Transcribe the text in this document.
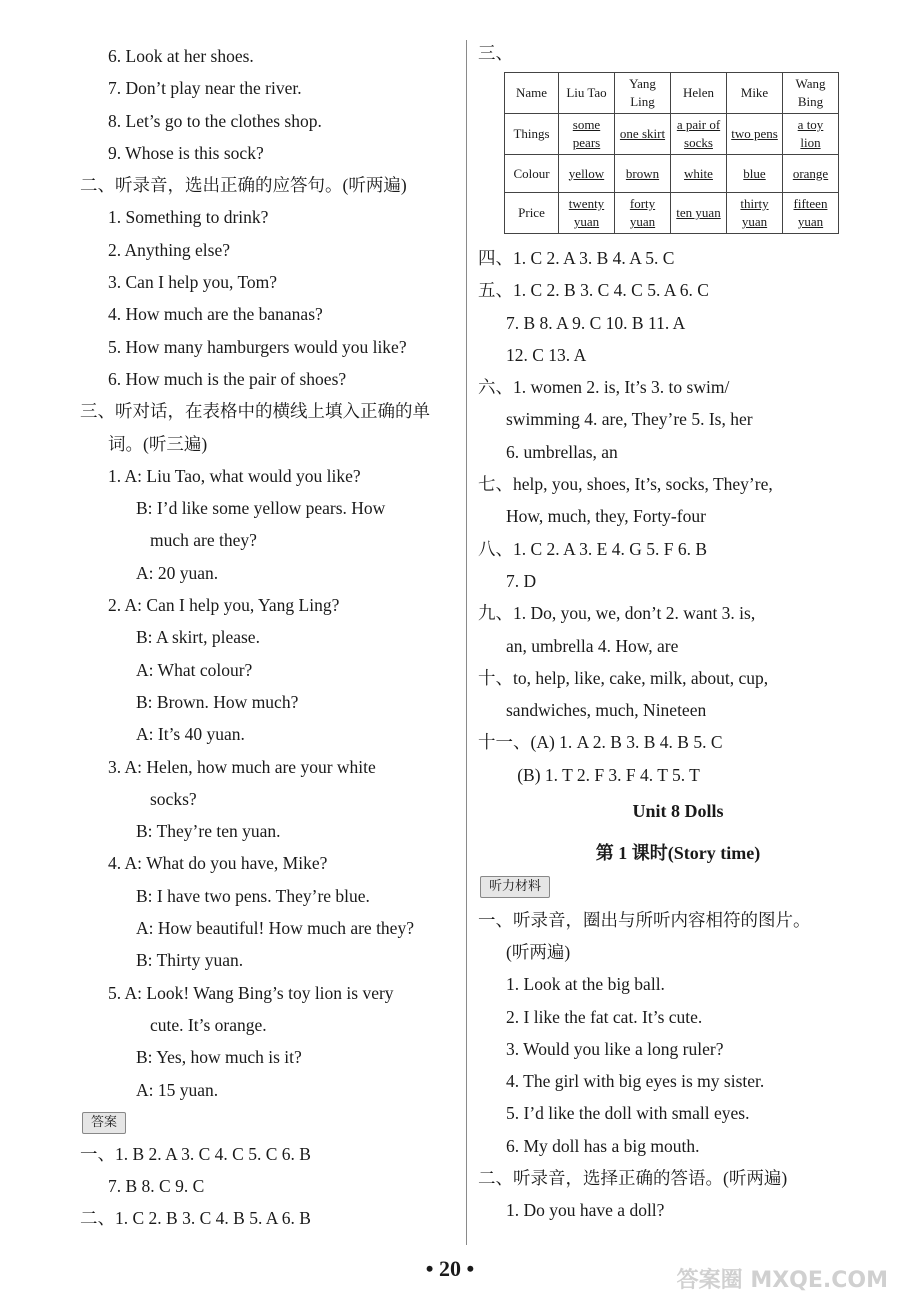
6. Look at her shoes.
7. Don’t play near the river.
8. Let’s go to the clothes shop.
9. Whose is this sock?
二、听录音，选出正确的应答句。(听两遍)
1. Something to drink?
2. Anything else?
3. Can I help you, Tom?
4. How much are the bananas?
5. How many hamburgers would you like?
6. How much is the pair of shoes?
三、听对话，在表格中的横线上填入正确的单
词。(听三遍)
1. A: Liu Tao, what would you like?
B: I’d like some yellow pears. How
much are they?
A: 20 yuan.
2. A: Can I help you, Yang Ling?
B: A skirt, please.
A: What colour?
B: Brown. How much?
A: It’s 40 yuan.
3. A: Helen, how much are your white
socks?
B: They’re ten yuan.
4. A: What do you have, Mike?
B: I have two pens. They’re blue.
A: How beautiful! How much are they?
B: Thirty yuan.
5. A: Look! Wang Bing’s toy lion is very
cute. It’s orange.
B: Yes, how much is it?
A: 15 yuan.
答案
一、1. B 2. A 3. C 4. C 5. C 6. B
7. B 8. C 9. C
二、1. C 2. B 3. C 4. B 5. A 6. B
三、
Name	Liu Tao	Yang Ling	Helen	Mike	Wang Bing
Things	some pears	one skirt	a pair of socks	two pens	a toy lion
Colour	yellow	brown	white	blue	orange
Price	twenty yuan	forty yuan	ten yuan	thirty yuan	fifteen yuan
四、1. C 2. A 3. B 4. A 5. C
五、1. C 2. B 3. C 4. C 5. A 6. C
7. B 8. A 9. C 10. B 11. A
12. C 13. A
六、1. women 2. is, It’s 3. to swim/
swimming 4. are, They’re 5. Is, her
6. umbrellas, an
七、help, you, shoes, It’s, socks, They’re,
How, much, they, Forty-four
八、1. C 2. A 3. E 4. G 5. F 6. B
7. D
九、1. Do, you, we, don’t 2. want 3. is,
an, umbrella 4. How, are
十、to, help, like, cake, milk, about, cup,
sandwiches, much, Nineteen
十一、(A) 1. A 2. B 3. B 4. B 5. C
(B) 1. T 2. F 3. F 4. T 5. T
Unit 8 Dolls
第 1 课时(Story time)
听力材料
一、听录音，圈出与所听内容相符的图片。
(听两遍)
1. Look at the big ball.
2. I like the fat cat. It’s cute.
3. Would you like a long ruler?
4. The girl with big eyes is my sister.
5. I’d like the doll with small eyes.
6. My doll has a big mouth.
二、听录音，选择正确的答语。(听两遍)
1. Do you have a doll?
• 20 •	答案圈 MXQE.COM
